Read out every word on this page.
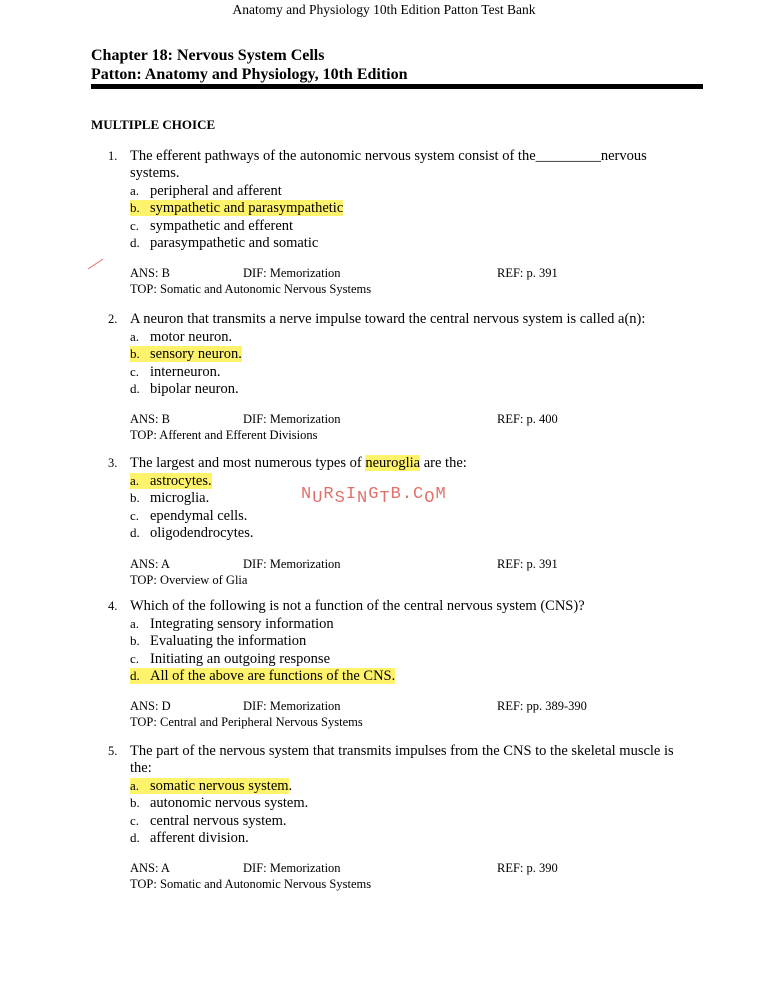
Anatomy and Physiology 10th Edition Patton Test Bank
Chapter 18: Nervous System Cells
Patton: Anatomy and Physiology, 10th Edition
MULTIPLE CHOICE
1. The efferent pathways of the autonomic nervous system consist of the_________nervous
systems.
a. peripheral and afferent
b. sympathetic and parasympathetic
c. sympathetic and efferent
d. parasympathetic and somatic
ANS: B	DIF: Memorization	REF: p. 391
TOP: Somatic and Autonomic Nervous Systems
2. A neuron that transmits a nerve impulse toward the central nervous system is called a(n):
a. motor neuron.
b. sensory neuron.
c. interneuron.
d. bipolar neuron.
ANS: B	DIF: Memorization	REF: p. 400
TOP: Afferent and Efferent Divisions
3. The largest and most numerous types of neuroglia are the:
a. astrocytes.
b. microglia.
c. ependymal cells.
d. oligodendrocytes.
ANS: A	DIF: Memorization	REF: p. 391
TOP: Overview of Glia
NURSINGTB.COM
4. Which of the following is not a function of the central nervous system (CNS)?
a. Integrating sensory information
b. Evaluating the information
c. Initiating an outgoing response
d. All of the above are functions of the CNS.
ANS: D	DIF: Memorization	REF: pp. 389-390
TOP: Central and Peripheral Nervous Systems
5. The part of the nervous system that transmits impulses from the CNS to the skeletal muscle is
the:
a. somatic nervous system.
b. autonomic nervous system.
c. central nervous system.
d. afferent division.
ANS: A	DIF: Memorization	REF: p. 390
TOP: Somatic and Autonomic Nervous Systems
